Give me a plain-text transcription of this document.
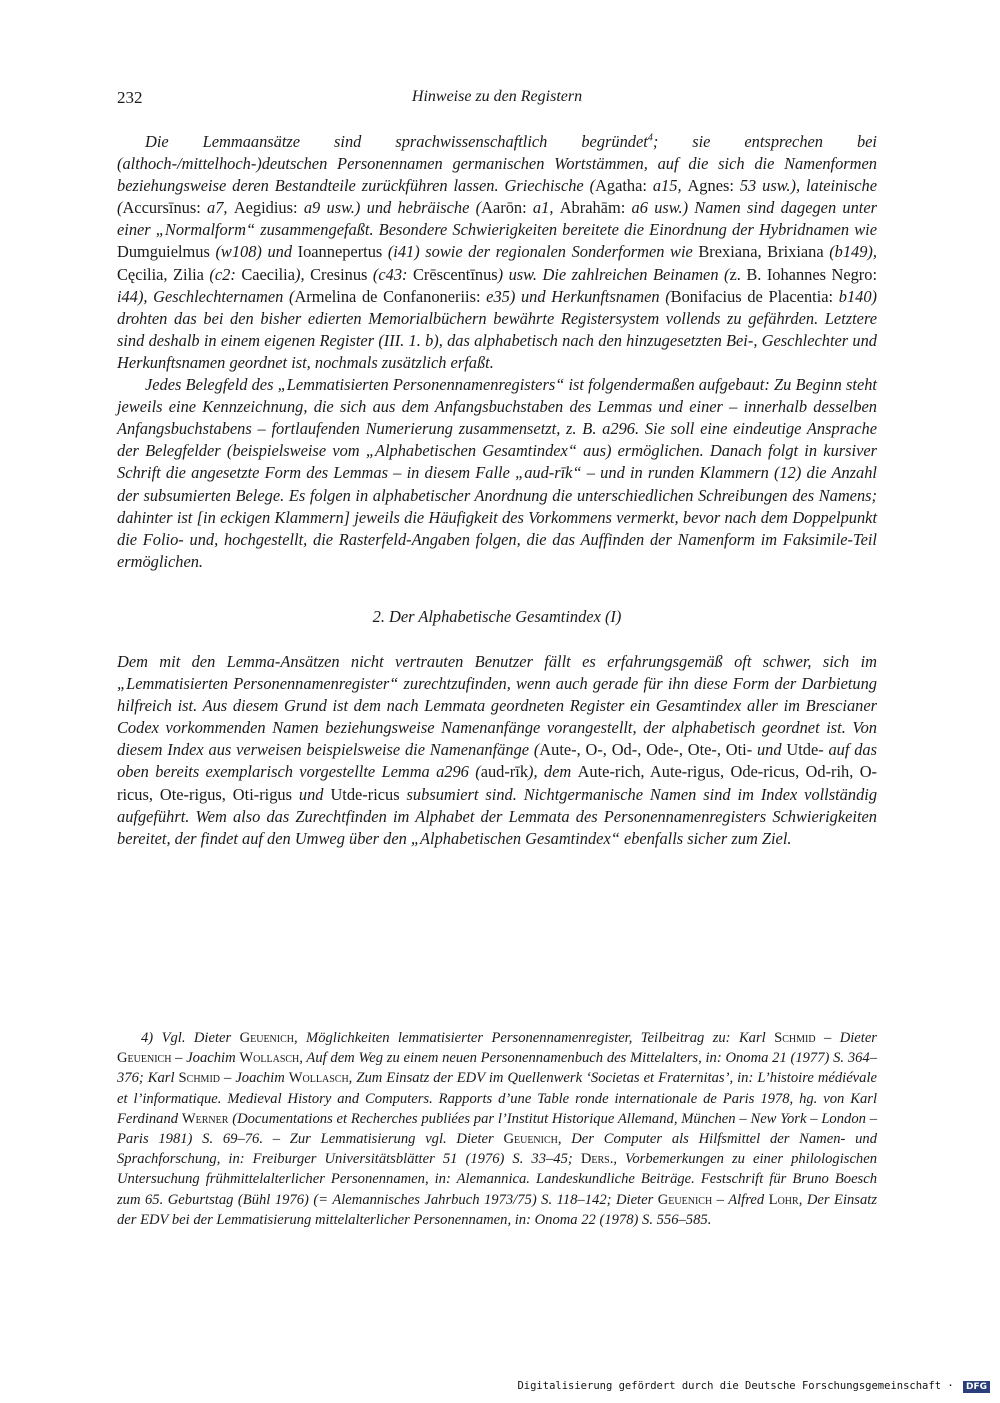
232	Hinweise zu den Registern

Die Lemmaansätze sind sprachwissenschaftlich begründet$^4$; sie entsprechen bei (althoch-/mittelhoch-)deutschen Personennamen germanischen Wortstämmen, auf die sich die Namenformen beziehungsweise deren Bestandteile zurückführen lassen. Griechische (Agatha: a15, Agnes: 53 usw.), lateinische (Accursīnus: a7, Aegidius: a9 usw.) und hebräische (Aarōn: a1, Abrahām: a6 usw.) Namen sind dagegen unter einer „Normalform“ zusammengefaßt. Besondere Schwierigkeiten bereitete die Einordnung der Hybridnamen wie Dumguielmus (w108) und Ioannepertus (i41) sowie der regionalen Sonderformen wie Brexiana, Brixiana (b149), Cęcilia, Zilia (c2: Caecilia), Cresinus (c43: Crēscentīnus) usw. Die zahlreichen Beinamen (z. B. Iohannes Negro: i44), Geschlechternamen (Armelina de Confanoneriis: e35) und Herkunftsnamen (Bonifacius de Placentia: b140) drohten das bei den bisher edierten Memorialbüchern bewährte Registersystem vollends zu gefährden. Letztere sind deshalb in einem eigenen Register (III. 1. b), das alphabetisch nach den hinzugesetzten Bei-, Geschlechter und Herkunftsnamen geordnet ist, nochmals zusätzlich erfaßt.

Jedes Belegfeld des „Lemmatisierten Personennamenregisters“ ist folgendermaßen aufgebaut: Zu Beginn steht jeweils eine Kennzeichnung, die sich aus dem Anfangsbuchstaben des Lemmas und einer – innerhalb desselben Anfangsbuchstabens – fortlaufenden Numerierung zusammensetzt, z. B. a296. Sie soll eine eindeutige Ansprache der Belegfelder (beispielsweise vom „Alphabetischen Gesamtindex“ aus) ermöglichen. Danach folgt in kursiver Schrift die angesetzte Form des Lemmas – in diesem Falle „aud-rīk“ – und in runden Klammern (12) die Anzahl der subsumierten Belege. Es folgen in alphabetischer Anordnung die unterschiedlichen Schreibungen des Namens; dahinter ist [in eckigen Klammern] jeweils die Häufigkeit des Vorkommens vermerkt, bevor nach dem Doppelpunkt die Folio- und, hochgestellt, die Rasterfeld-Angaben folgen, die das Auffinden der Namenform im Faksimile-Teil ermöglichen.

2. Der Alphabetische Gesamtindex (I)

Dem mit den Lemma-Ansätzen nicht vertrauten Benutzer fällt es erfahrungsgemäß oft schwer, sich im „Lemmatisierten Personennamenregister“ zurechtzufinden, wenn auch gerade für ihn diese Form der Darbietung hilfreich ist. Aus diesem Grund ist dem nach Lemmata geordneten Register ein Gesamtindex aller im Brescianer Codex vorkommenden Namen beziehungsweise Namenanfänge vorangestellt, der alphabetisch geordnet ist. Von diesem Index aus verweisen beispielsweise die Namenanfänge (Aute-, O-, Od-, Ode-, Ote-, Oti- und Utde- auf das oben bereits exemplarisch vorgestellte Lemma a296 (aud-rīk), dem Aute-rich, Aute-rigus, Ode-ricus, Od-rih, O-ricus, Ote-rigus, Oti-rigus und Utde-ricus subsumiert sind. Nichtgermanische Namen sind im Index vollständig aufgeführt. Wem also das Zurechtfinden im Alphabet der Lemmata des Personennamenregisters Schwierigkeiten bereitet, der findet auf den Umweg über den „Alphabetischen Gesamtindex“ ebenfalls sicher zum Ziel.

4) Vgl. Dieter Geuenich, Möglichkeiten lemmatisierter Personennamenregister, Teilbeitrag zu: Karl Schmid – Dieter Geuenich – Joachim Wollasch, Auf dem Weg zu einem neuen Personennamenbuch des Mittelalters, in: Onoma 21 (1977) S. 364–376; Karl Schmid – Joachim Wollasch, Zum Einsatz der EDV im Quellenwerk ‘Societas et Fraternitas’, in: L’histoire médiévale et l’informatique. Medieval History and Computers. Rapports d’une Table ronde internationale de Paris 1978, hg. von Karl Ferdinand Werner (Documentations et Recherches publiées par l’Institut Historique Allemand, München – New York – London – Paris 1981) S. 69–76. – Zur Lemmatisierung vgl. Dieter Geuenich, Der Computer als Hilfsmittel der Namen- und Sprachforschung, in: Freiburger Universitätsblätter 51 (1976) S. 33–45; Ders., Vorbemerkungen zu einer philologischen Untersuchung frühmittelalterlicher Personennamen, in: Alemannica. Landeskundliche Beiträge. Festschrift für Bruno Boesch zum 65. Geburtstag (Bühl 1976) (= Alemannisches Jahrbuch 1973/75) S. 118–142; Dieter Geuenich – Alfred Lohr, Der Einsatz der EDV bei der Lemmatisierung mittelalterlicher Personennamen, in: Onoma 22 (1978) S. 556–585.
Digitalisierung gefördert durch die Deutsche Forschungsgemeinschaft · DFG
